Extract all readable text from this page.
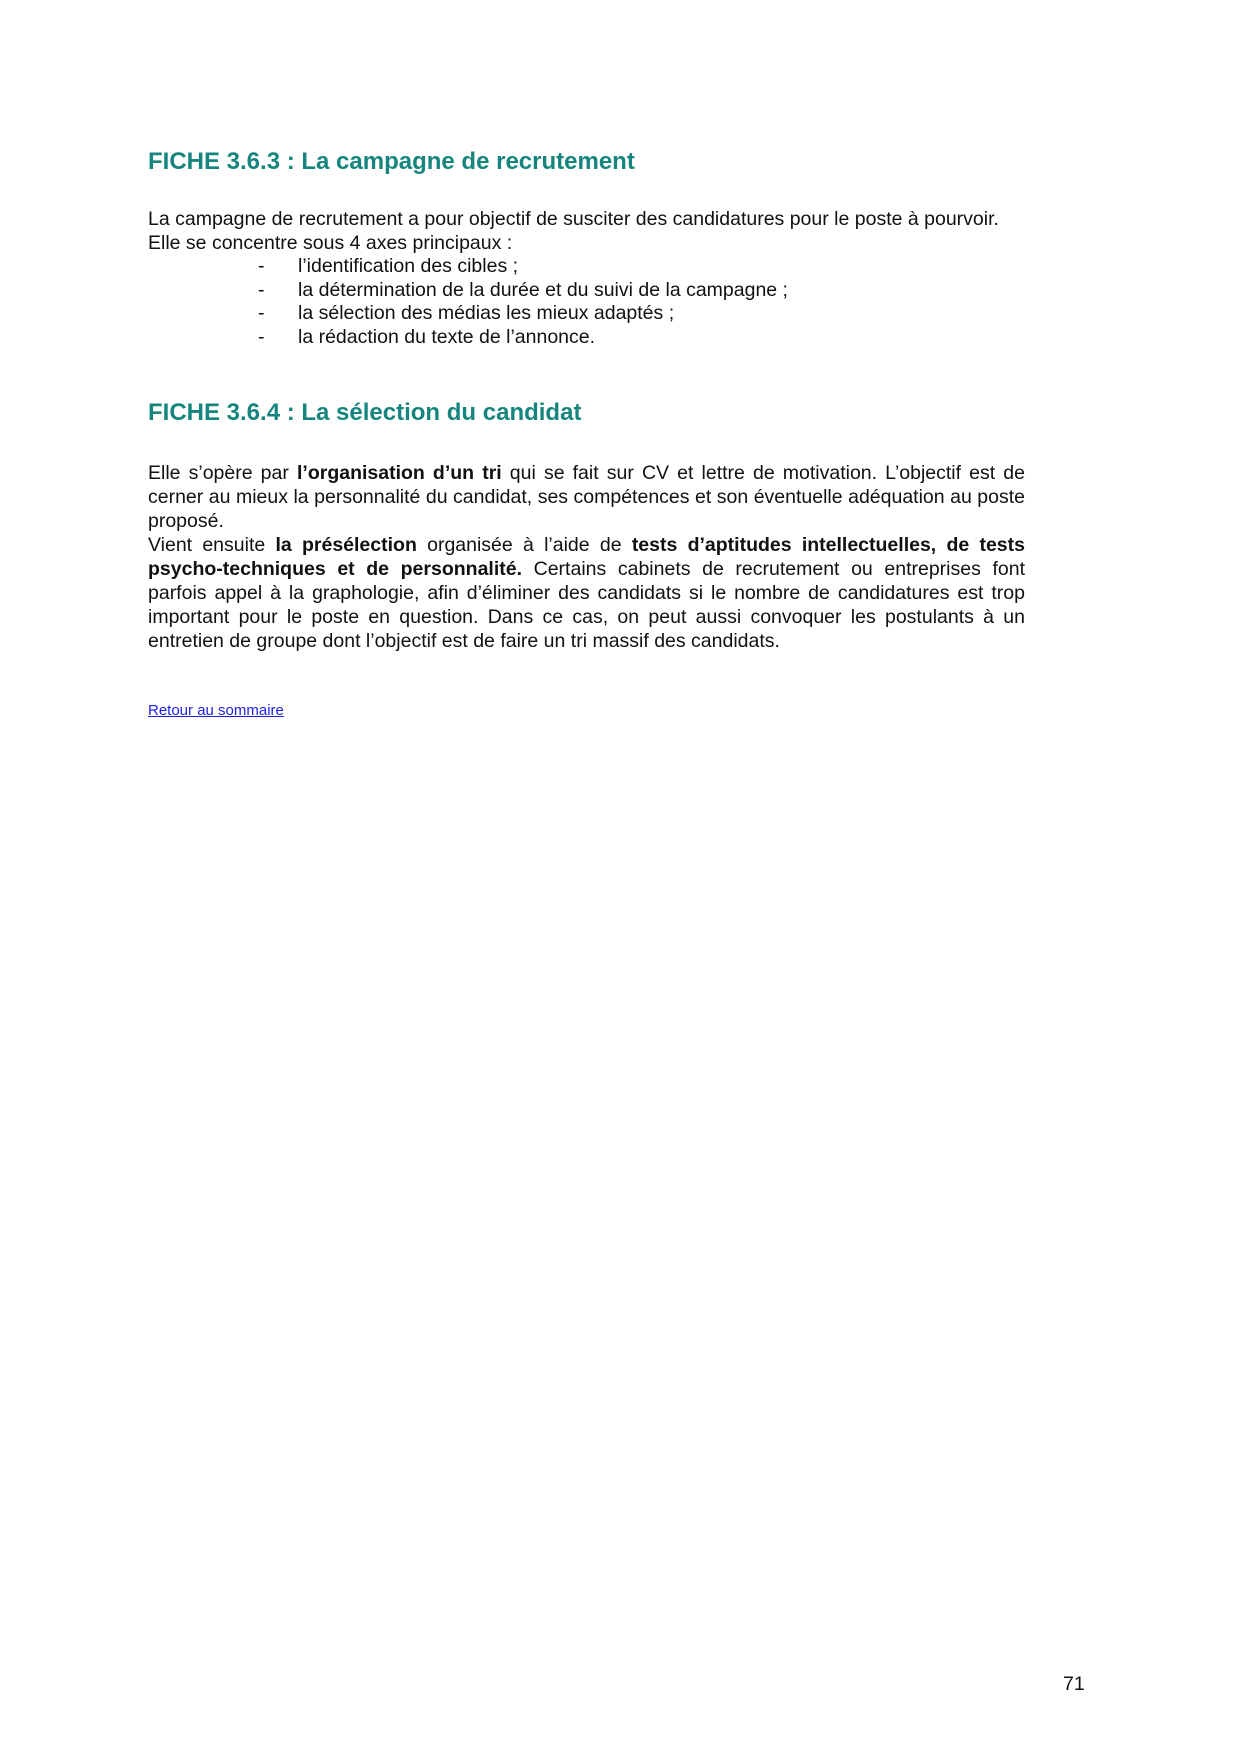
FICHE 3.6.3 : La campagne de recrutement
La campagne de recrutement a pour objectif de susciter des candidatures pour le poste à pourvoir.
Elle se concentre sous 4 axes principaux :
- l’identification des cibles ;
- la détermination de la durée et du suivi de la campagne ;
- la sélection des médias les mieux adaptés ;
- la rédaction du texte de l’annonce.
FICHE 3.6.4 : La sélection du candidat
Elle s’opère par l’organisation d’un tri qui se fait sur CV et lettre de motivation. L’objectif est de cerner au mieux la personnalité du candidat, ses compétences et son éventuelle adéquation au poste proposé.
Vient ensuite la présélection organisée à l’aide de tests d’aptitudes intellectuelles, de tests psycho-techniques et de personnalité. Certains cabinets de recrutement ou entreprises font parfois appel à la graphologie, afin d’éliminer des candidats si le nombre de candidatures est trop important pour le poste en question. Dans ce cas, on peut aussi convoquer les postulants à un entretien de groupe dont l’objectif est de faire un tri massif des candidats.
Retour au sommaire
71
